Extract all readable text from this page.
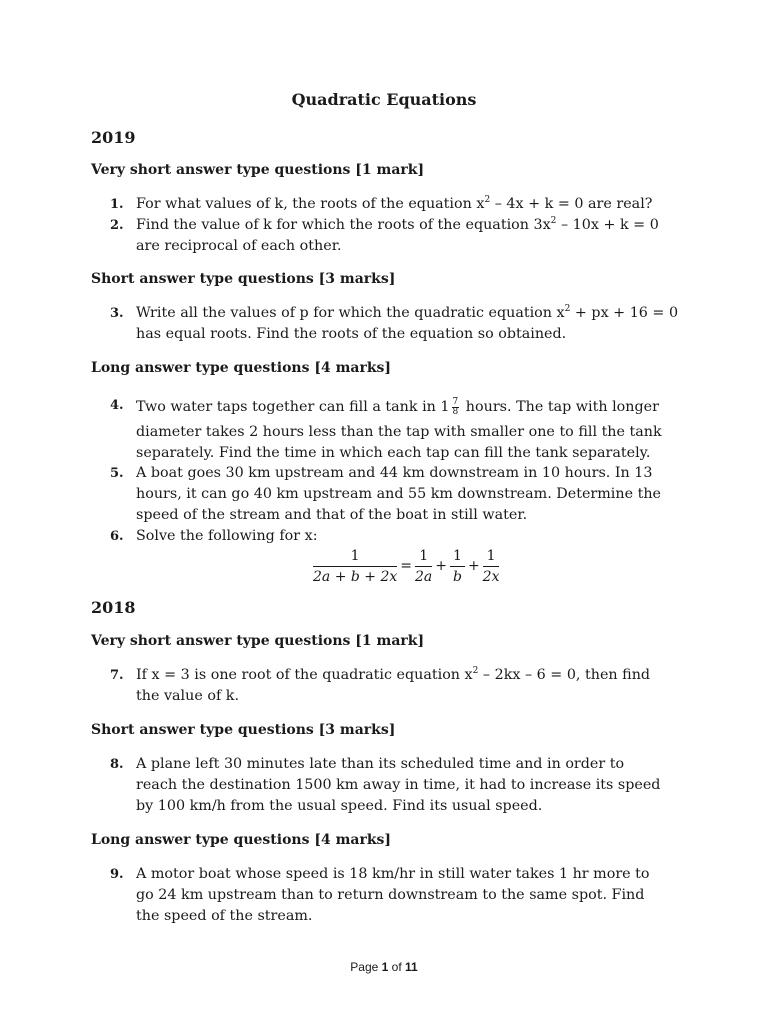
Quadratic Equations
2019
Very short answer type questions [1 mark]
1. For what values of k, the roots of the equation $x^2 - 4x + k = 0$ are real?
2. Find the value of k for which the roots of the equation $3x^2 - 10x + k = 0$
are reciprocal of each other.
Short answer type questions [3 marks]
3. Write all the values of p for which the quadratic equation $x^2$ + px + 16 = 0
has equal roots. Find the roots of the equation so obtained.
Long answer type questions [4 marks]
4. Two water taps together can fill a tank in $1 \frac{7}{8}$ hours. The tap with longer

diameter takes 2 hours less than the tap with smaller one to fill the tank
separately. Find the time in which each tap can fill the tank separately.
5. A boat goes 30 km upstream and 44 km downstream in 10 hours. In 13
hours, it can go 40 km upstream and 55 km downstream. Determine the
speed of the stream and that of the boat in still water.
6. Solve the following for x:
$\frac{1}{2a + b + 2x} = \frac{1}{2a} + \frac{1}{b} + \frac{1}{2x}$
2018
Very short answer type questions [1 mark]
7. If x = 3 is one root of the quadratic equation $x^2 - 2kx - 6 = 0$, then find
the value of k.
Short answer type questions [3 marks]
8. A plane left 30 minutes late than its scheduled time and in order to
reach the destination 1500 km away in time, it had to increase its speed
by 100 km/h from the usual speed. Find its usual speed.
Long answer type questions [4 marks]
9. A motor boat whose speed is 18 km/hr in still water takes 1 hr more to
go 24 km upstream than to return downstream to the same spot. Find
the speed of the stream.
Page 1 of 11
